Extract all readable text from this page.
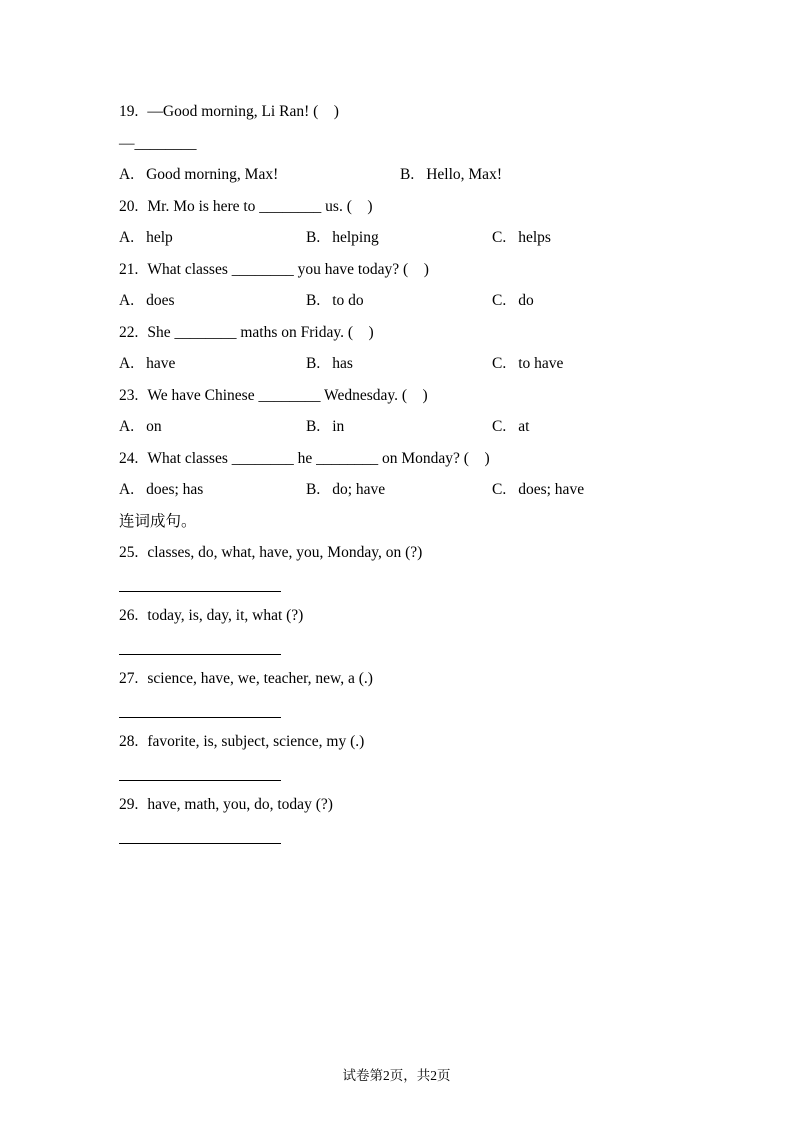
19. —Good morning, Li Ran! (    )
—________
A. Good morning, Max!	B. Hello, Max!
20. Mr. Mo is here to ________ us. (    )
A. help	B. helping	C. helps
21. What classes ________ you have today? (    )
A. does	B. to do	C. do
22. She ________ maths on Friday. (    )
A. have	B. has	C. to have
23. We have Chinese ________ Wednesday. (    )
A. on	B. in	C. at
24. What classes ________ he ________ on Monday? (    )
A. does; has	B. do; have	C. does; have
连词成句。
25. classes, do, what, have, you, Monday, on (?)
26. today, is, day, it, what (?)
27. science, have, we, teacher, new, a (.)
28. favorite, is, subject, science, my (.)
29. have, math, you, do, today (?)
试卷第2页，共2页
